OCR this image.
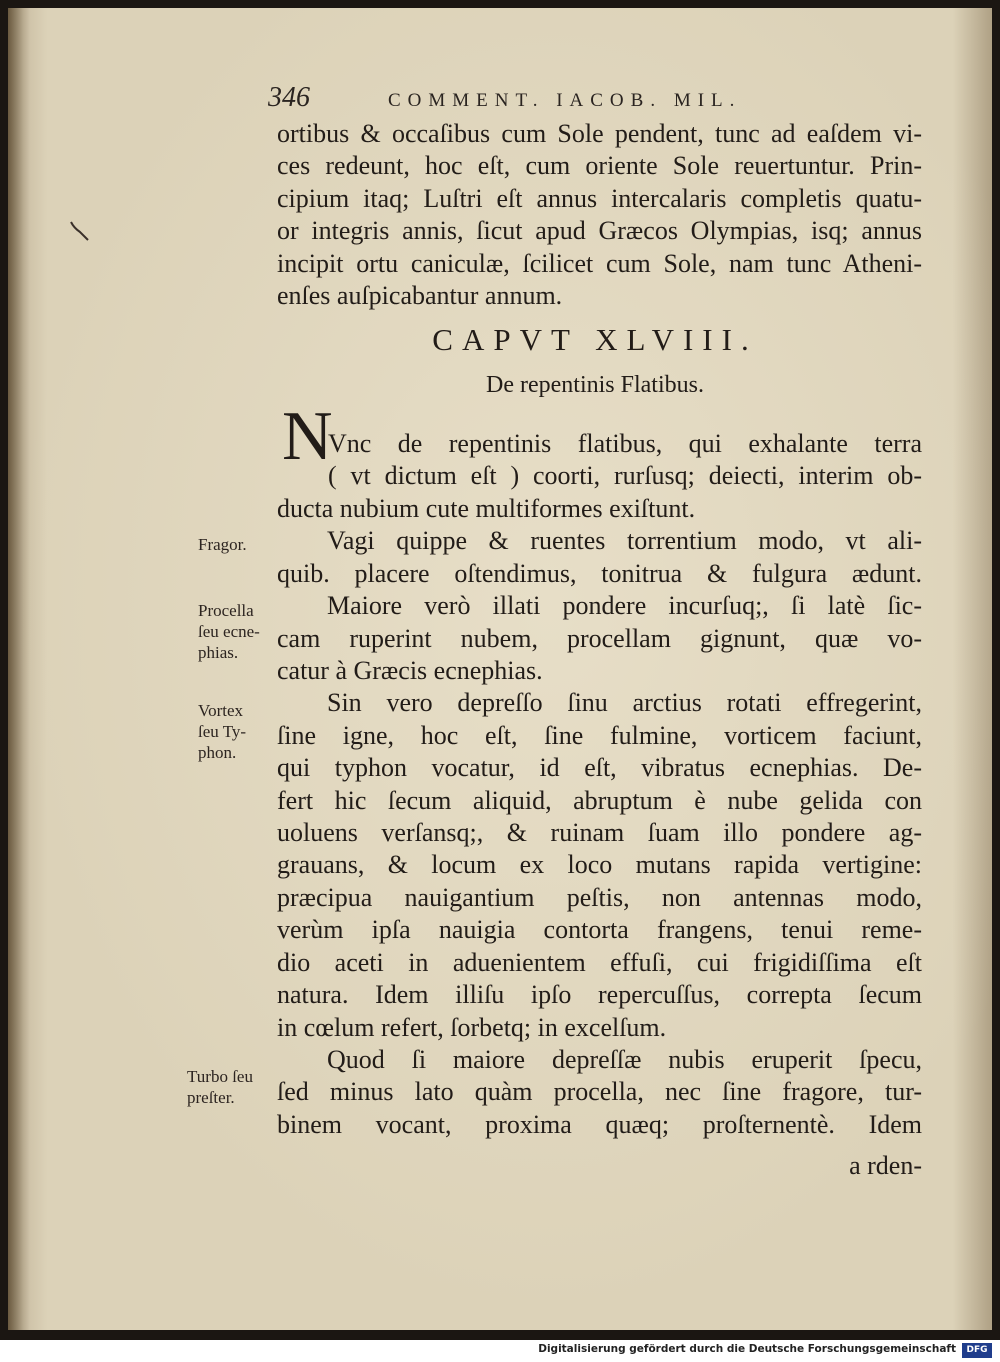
346	COMMENT. IACOB. MIL.
ortibus & occaſibus cum Sole pendent, tunc ad eaſdem vi-
ces redeunt, hoc eſt, cum oriente Sole reuertuntur. Prin-
cipium itaq; Luſtri eſt annus intercalaris completis quatu-
or integris annis, ſicut apud Græcos Olympias, isq; annus
incipit ortu caniculæ, ſcilicet cum Sole, nam tunc Atheni-
enſes auſpicabantur annum.
CAPVT XLVIII.
De repentinis Flatibus.
N
Vnc de repentinis flatibus, qui exhalante terra
( vt dictum eſt ) coorti, rurſusq; deiecti, interim ob-
ducta nubium cute multiformes exiſtunt.
Vagi quippe & ruentes torrentium modo, vt ali-
quib. placere oſtendimus, tonitrua & fulgura ædunt.
Maiore verò illati pondere incurſuq;, ſi latè ſic-
cam ruperint nubem, procellam gignunt, quæ vo-
catur à Græcis ecnephias.
Sin vero depreſſo ſinu arctius rotati effregerint,
ſine igne, hoc eſt, ſine fulmine, vorticem faciunt,
qui typhon vocatur, id eſt, vibratus ecnephias. De-
fert hic ſecum aliquid, abruptum è nube gelida con
uoluens verſansq;, & ruinam ſuam illo pondere ag-
grauans, & locum ex loco mutans rapida vertigine:
præcipua nauigantium peſtis, non antennas modo,
verùm ipſa nauigia contorta frangens, tenui reme-
dio aceti in aduenientem effuſi, cui frigidiſſima eſt
natura. Idem illiſu ipſo repercuſſus, correpta ſecum
in cœlum refert, ſorbetq; in excelſum.
Quod ſi maiore depreſſæ nubis eruperit ſpecu,
ſed minus lato quàm procella, nec ſine fragore, tur-
binem vocant, proxima quæq; proſternentè. Idem
a rden-
Fragor.
Procella
ſeu ecne-
phias.
Vortex
ſeu Ty-
phon.
Turbo ſeu
preſter.
Digitalisierung gefördert durch die Deutsche Forschungsgemeinschaft	DFG
